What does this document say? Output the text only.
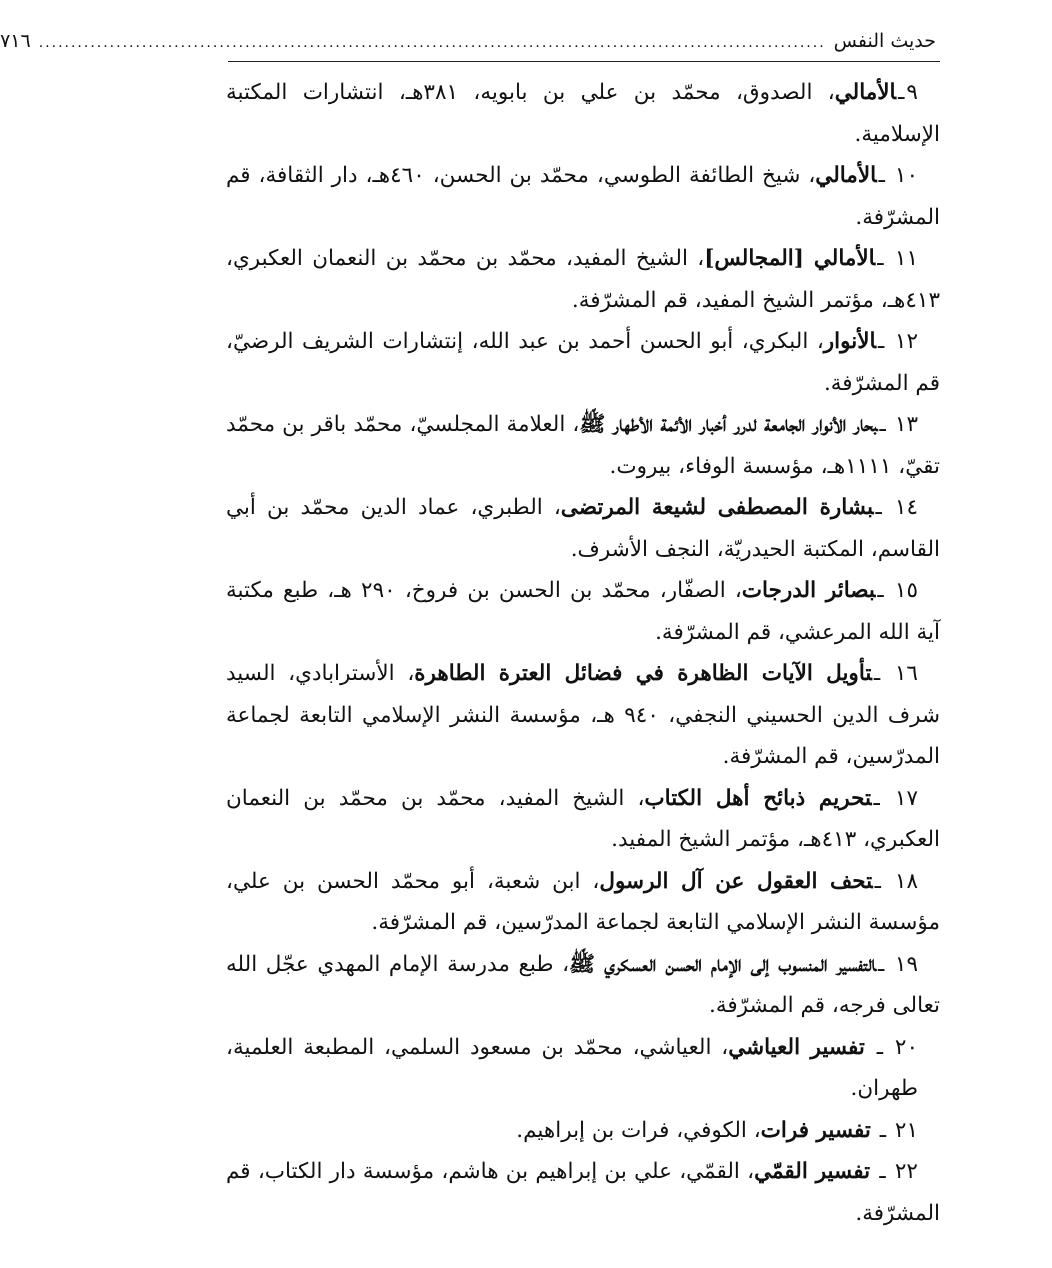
حديث النفس
..........................................................................................................................
٧١٦
٩ـالأمالي، الصدوق، محمّد بن علي بن بابويه، ٣٨١هـ، انتشارات المكتبة الإسلامية.
١٠ ـالأمالي، شيخ الطائفة الطوسي، محمّد بن الحسن، ٤٦٠هـ، دار الثقافة، قم المشرّفة.
١١ ـالأمالي [المجالس]، الشيخ المفيد، محمّد بن محمّد بن النعمان العكبري، ٤١٣هـ، مؤتمر الشيخ المفيد، قم المشرّفة.
١٢ ـالأنوار، البكري، أبو الحسن أحمد بن عبد الله، إنتشارات الشريف الرضيّ، قم المشرّفة.
١٣ ـبحار الأنوار الجامعة لدرر أخبار الأئمة الأطهار ﷺ، العلامة المجلسيّ، محمّد باقر بن محمّد تقيّ، ١١١١هـ، مؤسسة الوفاء، بيروت.
١٤ ـبشارة المصطفى لشيعة المرتضى، الطبري، عماد الدين محمّد بن أبي القاسم، المكتبة الحيدريّة، النجف الأشرف.
١٥ ـبصائر الدرجات، الصفّار، محمّد بن الحسن بن فروخ، ٢٩٠ هـ، طبع مكتبة آية الله المرعشي، قم المشرّفة.
١٦ ـتأويل الآيات الظاهرة في فضائل العترة الطاهرة، الأسترابادي، السيد شرف الدين الحسيني النجفي، ٩٤٠ هـ، مؤسسة النشر الإسلامي التابعة لجماعة المدرّسين، قم المشرّفة.
١٧ ـتحريم ذبائح أهل الكتاب، الشيخ المفيد، محمّد بن محمّد بن النعمان العكبري، ٤١٣هـ، مؤتمر الشيخ المفيد.
١٨ ـتحف العقول عن آل الرسول، ابن شعبة، أبو محمّد الحسن بن علي، مؤسسة النشر الإسلامي التابعة لجماعة المدرّسين، قم المشرّفة.
١٩ ـالتفسير المنسوب إلى الإمام الحسن العسكري ﷺ، طبع مدرسة الإمام المهدي عجّل الله تعالى فرجه، قم المشرّفة.
٢٠ ـ تفسير العياشي، العياشي، محمّد بن مسعود السلمي، المطبعة العلمية، طهران.
٢١ ـ تفسير فرات، الكوفي، فرات بن إبراهيم.
٢٢ ـ تفسير القمّي، القمّي، علي بن إبراهيم بن هاشم، مؤسسة دار الكتاب، قم المشرّفة.
